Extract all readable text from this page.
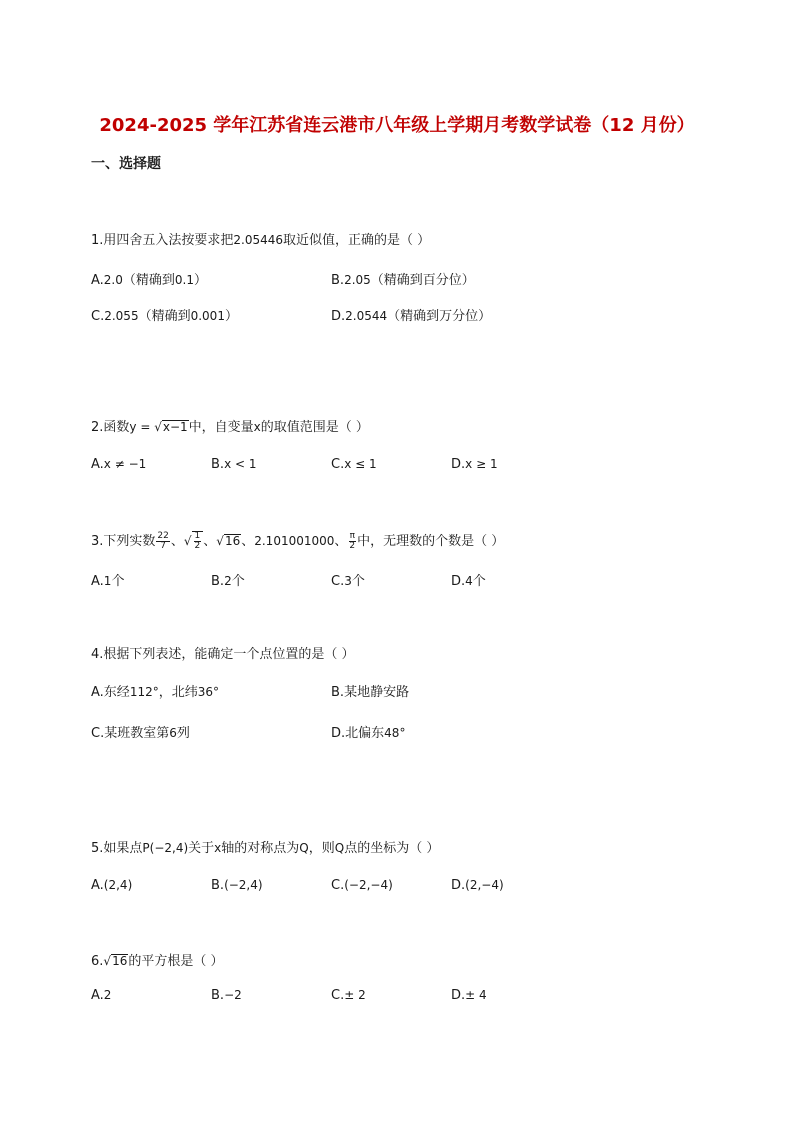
2024-2025 学年江苏省连云港市八年级上学期月考数学试卷（12 月份）
一、选择题
1.用四舍五入法按要求把2.05446取近似值，正确的是（ ）
A.2.0（精确到0.1）	B.2.05（精确到百分位）
C.2.055（精确到0.001）	D.2.0544（精确到万分位）
2.函数y = √x−1中，自变量x的取值范围是（ ）
A.x ≠ −1	B.x < 1	C.x ≤ 1	D.x ≥ 1
3.下列实数 $\frac{22}{7}$ 、√ $\frac{1}{2}$ 、√16、2.101001000、 $\frac{\pi}{2}$ 中，无理数的个数是（ ）
A.1个	B.2个	C.3个	D.4个
4.根据下列表述，能确定一个点位置的是（ ）
A.东经112°，北纬36°	B.某地静安路
C.某班教室第6列	D.北偏东48°
5.如果点P(−2,4)关于x轴的对称点为Q，则Q点的坐标为（ ）
A.(2,4)	B.(−2,4)	C.(−2,−4)	D.(2,−4)
6.√16的平方根是（ ）
A.2	B.−2	C.± 2	D.± 4
